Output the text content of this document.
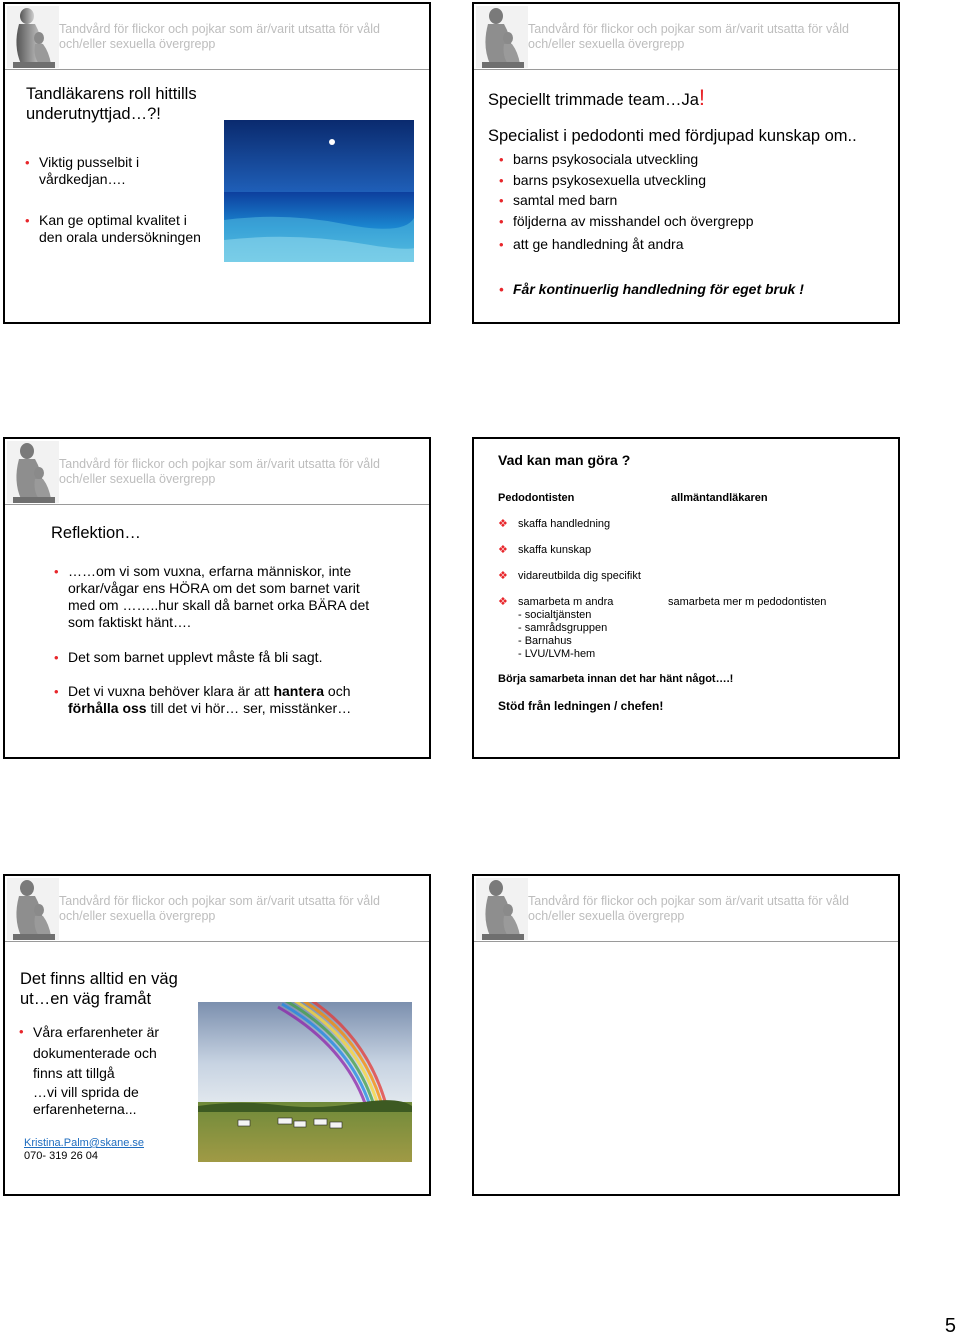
Tandvård för flickor och pojkar som är/varit utsatta för våld
och/eller sexuella övergrepp
Tandläkarens roll hittills underutnyttjad…?!
• Viktig pusselbit i vårdkedjan….
• Kan ge optimal kvalitet i den orala undersökningen
Tandvård för flickor och pojkar som är/varit utsatta för våld
och/eller sexuella övergrepp
Speciellt trimmade team…Ja!
Specialist i pedodonti med fördjupad kunskap om..
• barns psykosociala utveckling
• barns psykosexuella utveckling
• samtal med barn
• följderna av misshandel och övergrepp
• att ge handledning åt andra
• Får kontinuerlig handledning för eget bruk !
Tandvård för flickor och pojkar som är/varit utsatta för våld
och/eller sexuella övergrepp
Reflektion…
• ……om vi som vuxna, erfarna människor, inte orkar/vågar ens HÖRA om det som barnet varit med om ……..hur skall då barnet orka BÄRA det som faktiskt hänt….
• Det som barnet upplevt måste få bli sagt.
• Det vi vuxna behöver klara är att hantera och förhålla oss till det vi hör… ser, misstänker…
Vad kan man göra ?
Pedodontisten	allmäntandläkaren
❖ skaffa handledning
❖ skaffa kunskap
❖ vidareutbilda dig specifikt
❖ samarbeta m andra	samarbeta mer m pedodontisten
- socialtjänsten
- samrådsgruppen
- Barnahus
- LVU/LVM-hem
Börja samarbeta innan det har hänt något….!
Stöd från ledningen / chefen!
Tandvård för flickor och pojkar som är/varit utsatta för våld
och/eller sexuella övergrepp
Det finns alltid en väg ut…en väg framåt
• Våra erfarenheter är dokumenterade och finns att tillgå
…vi vill sprida de erfarenheterna...
Kristina.Palm@skane.se
070- 319 26 04
Tandvård för flickor och pojkar som är/varit utsatta för våld
och/eller sexuella övergrepp
5
